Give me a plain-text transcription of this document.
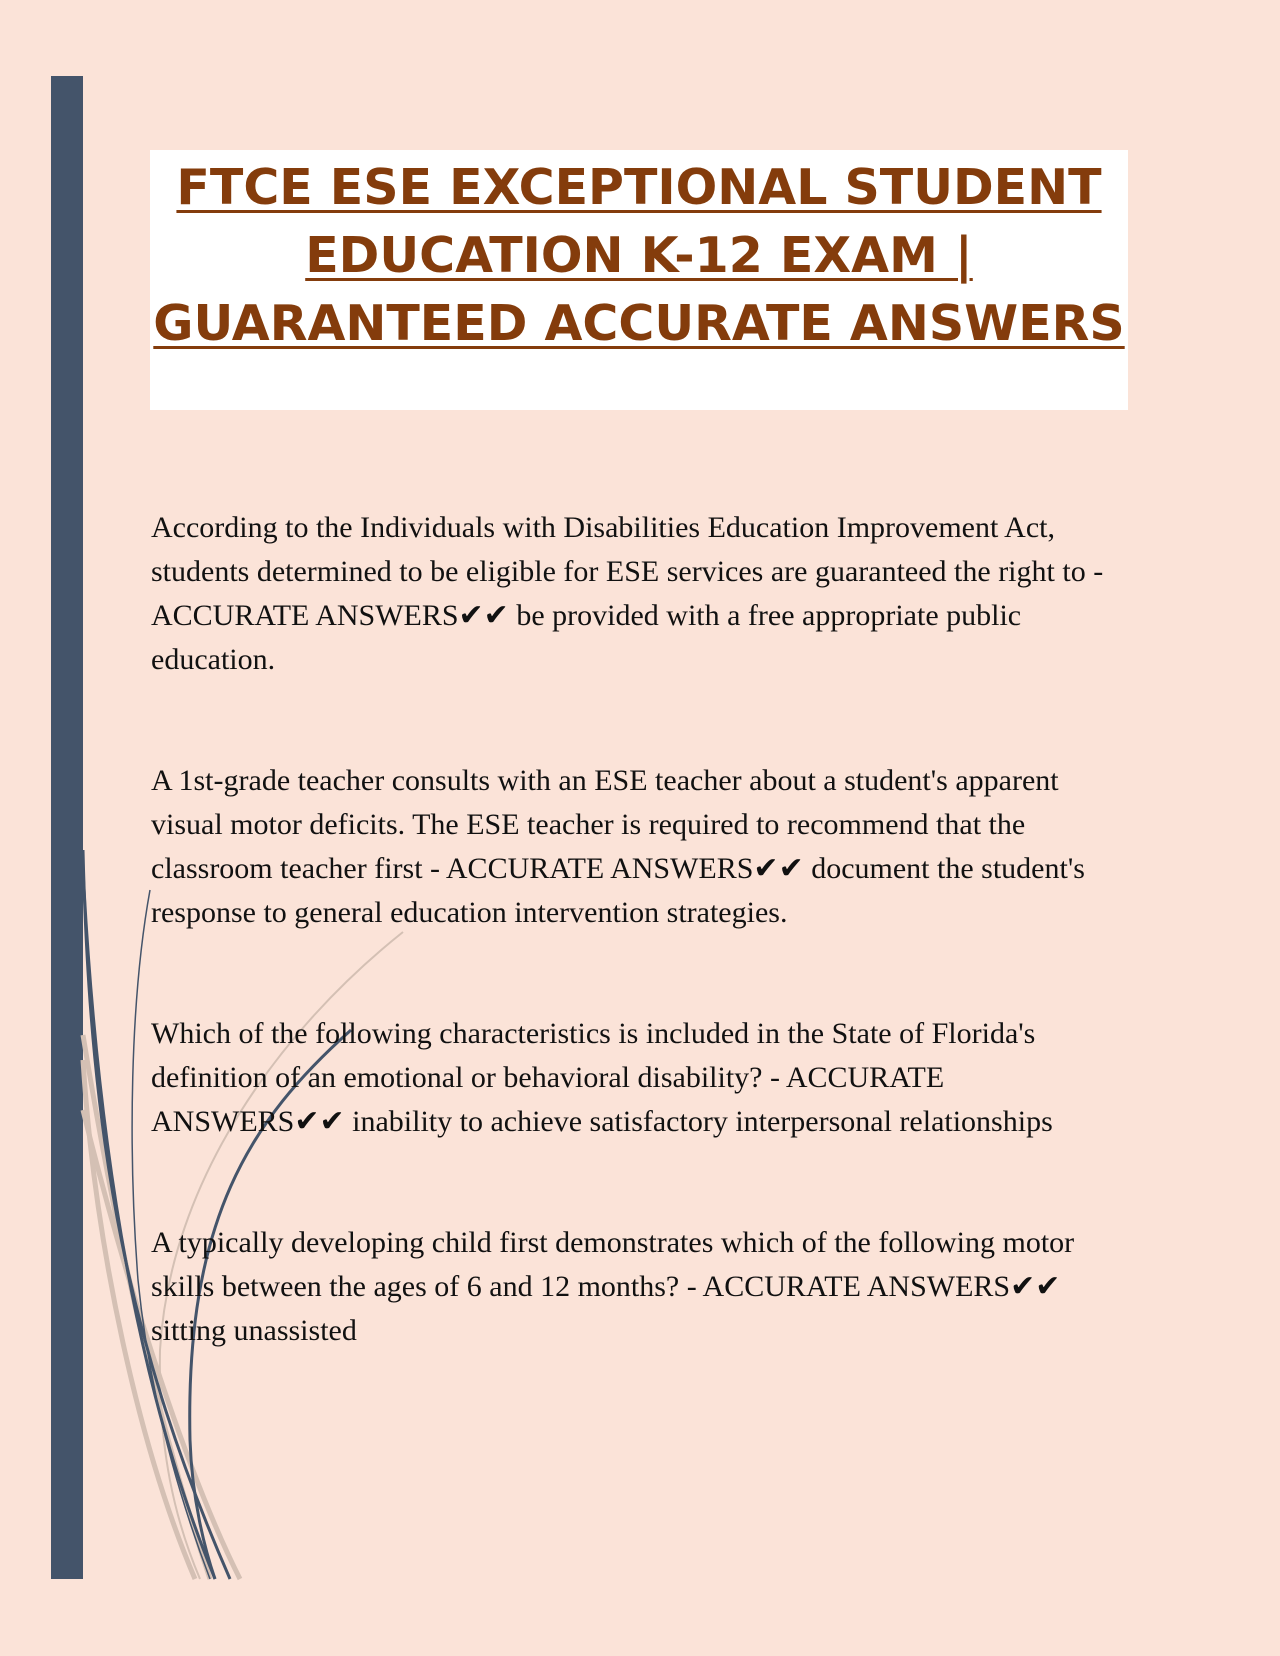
FTCE ESE EXCEPTIONAL STUDENT EDUCATION K-12 EXAM | GUARANTEED ACCURATE ANSWERS

According to the Individuals with Disabilities Education Improvement Act, students determined to be eligible for ESE services are guaranteed the right to - ACCURATE ANSWERS✔✔ be provided with a free appropriate public education.

A 1st-grade teacher consults with an ESE teacher about a student's apparent visual motor deficits. The ESE teacher is required to recommend that the classroom teacher first - ACCURATE ANSWERS✔✔ document the student's response to general education intervention strategies.

Which of the following characteristics is included in the State of Florida's definition of an emotional or behavioral disability? - ACCURATE ANSWERS✔✔ inability to achieve satisfactory interpersonal relationships

A typically developing child first demonstrates which of the following motor skills between the ages of 6 and 12 months? - ACCURATE ANSWERS✔✔ sitting unassisted
